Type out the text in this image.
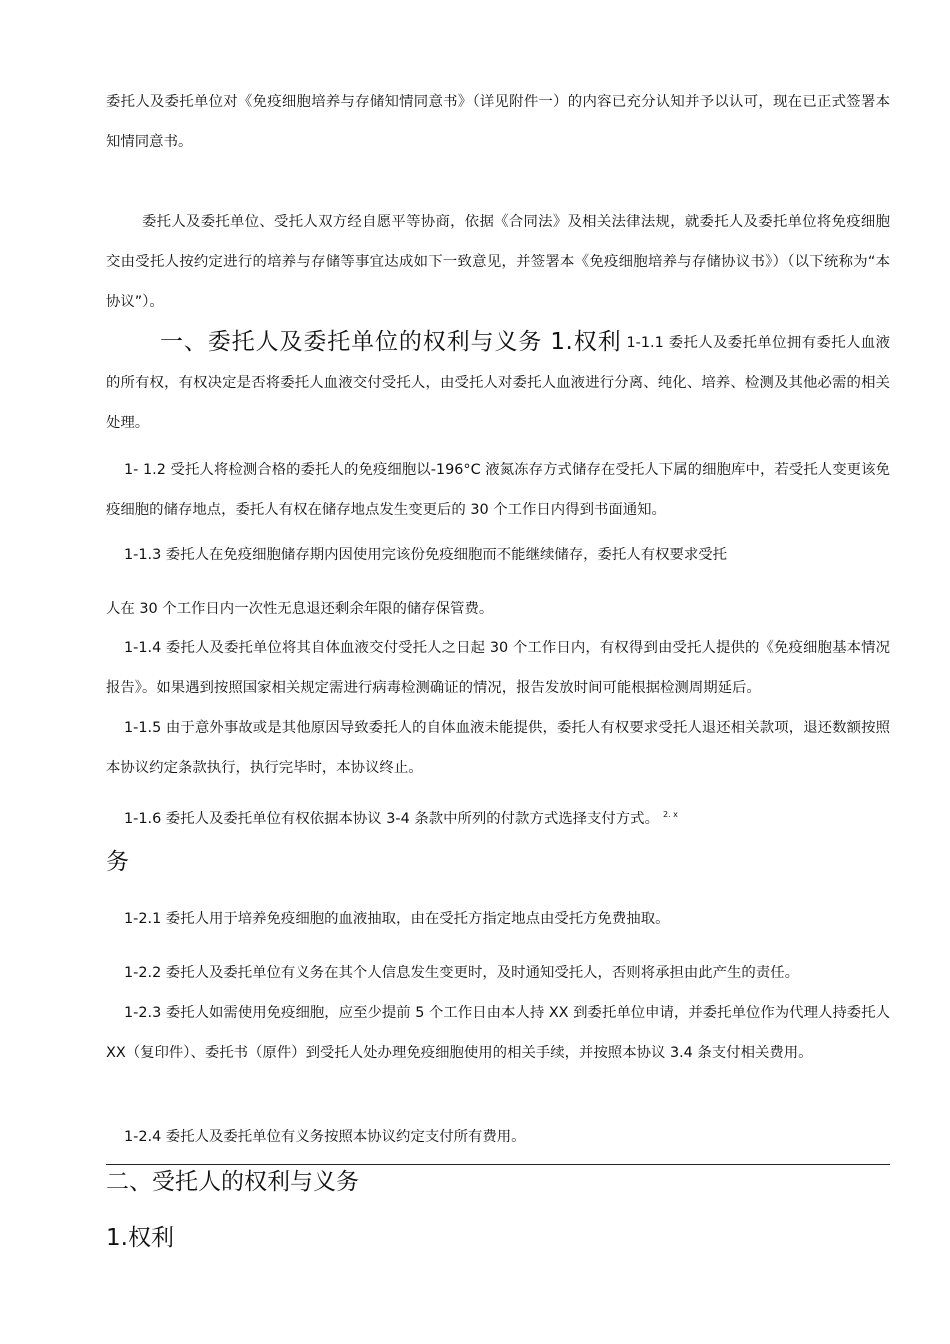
委托人及委托单位对《免疫细胞培养与存储知情同意书》（详见附件一）的内容已充分认知并予以认可，现在已正式签署本知情同意书。

委托人及委托单位、受托人双方经自愿平等协商，依据《合同法》及相关法律法规，就委托人及委托单位将免疫细胞交由受托人按约定进行的培养与存储等事宜达成如下一致意见，并签署本《免疫细胞培养与存储协议书》）（以下统称为“本协议”）。

一、委托人及委托单位的权利与义务 1.权利 1-1.1 委托人及委托单位拥有委托人血液的所有权，有权决定是否将委托人血液交付受托人，由受托人对委托人血液进行分离、纯化、培养、检测及其他必需的相关处理。

1- 1.2 受托人将检测合格的委托人的免疫细胞以-196°C 液氮冻存方式储存在受托人下属的细胞库中，若受托人变更该免疫细胞的储存地点，委托人有权在储存地点发生变更后的 30 个工作日内得到书面通知。

1-1.3 委托人在免疫细胞储存期内因使用完该份免疫细胞而不能继续储存，委托人有权要求受托

人在 30 个工作日内一次性无息退还剩余年限的储存保管费。

1-1.4 委托人及委托单位将其自体血液交付受托人之日起 30 个工作日内，有权得到由受托人提供的《免疫细胞基本情况报告》。如果遇到按照国家相关规定需进行病毒检测确证的情况，报告发放时间可能根据检测周期延后。

1-1.5 由于意外事故或是其他原因导致委托人的自体血液未能提供，委托人有权要求受托人退还相关款项，退还数额按照本协议约定条款执行，执行完毕时，本协议终止。

1-1.6 委托人及委托单位有权依据本协议 3-4 条款中所列的付款方式选择支付方式。 $^{2. x}$

务

1-2.1 委托人用于培养免疫细胞的血液抽取，由在受托方指定地点由受托方免费抽取。

1-2.2 委托人及委托单位有义务在其个人信息发生变更时，及时通知受托人，否则将承担由此产生的责任。

1-2.3 委托人如需使用免疫细胞，应至少提前 5 个工作日由本人持 XX 到委托单位申请，并委托单位作为代理人持委托人 XX（复印件）、委托书（原件）到受托人处办理免疫细胞使用的相关手续，并按照本协议 3.4 条支付相关费用。

1-2.4 委托人及委托单位有义务按照本协议约定支付所有费用。

二、受托人的权利与义务

1.权利
